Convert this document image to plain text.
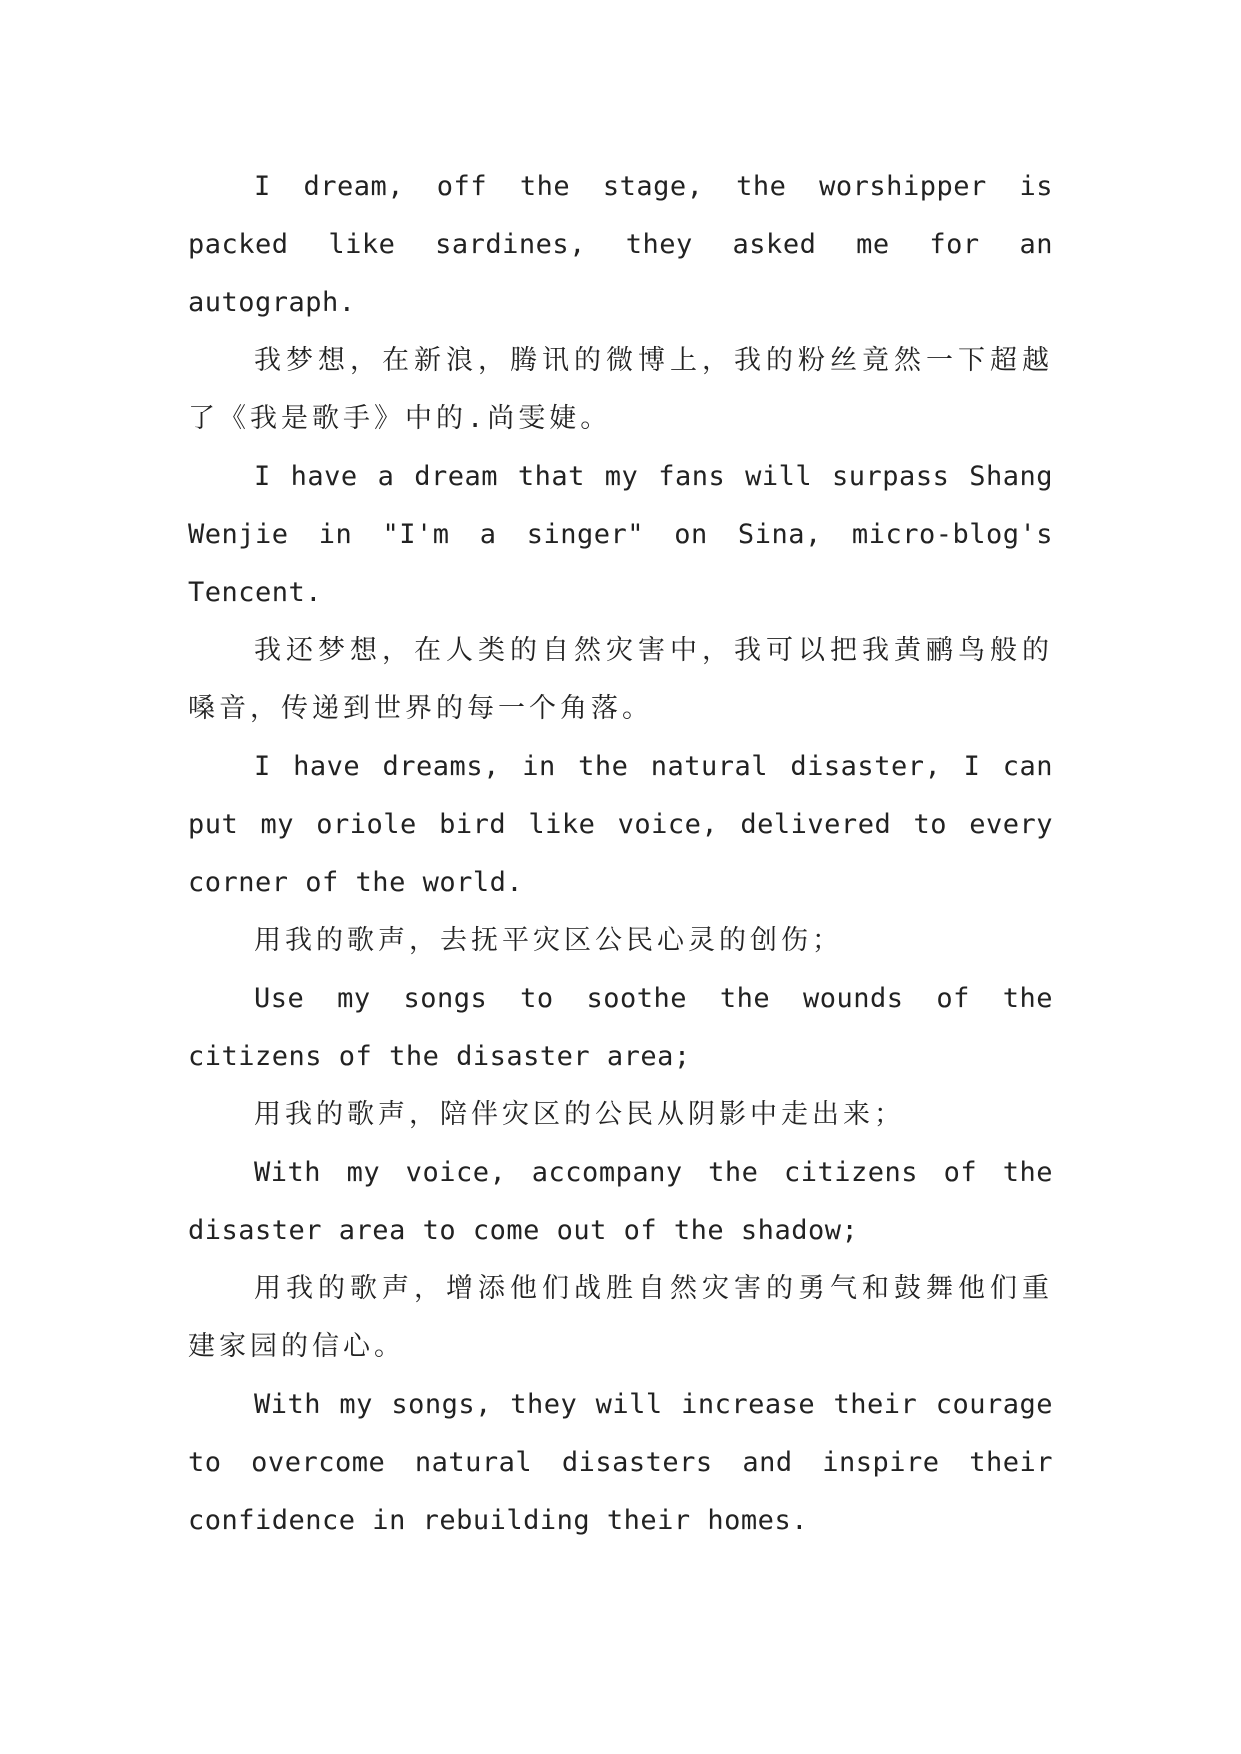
I dream, off the stage, the worshipper is packed like sardines, they asked me for an autograph.

我梦想，在新浪，腾讯的微博上，我的粉丝竟然一下超越了《我是歌手》中的.尚雯婕。

I have a dream that my fans will surpass Shang Wenjie in "I'm a singer" on Sina, micro-blog's Tencent.

我还梦想，在人类的自然灾害中，我可以把我黄鹂鸟般的嗓音，传递到世界的每一个角落。

I have dreams, in the natural disaster, I can put my oriole bird like voice, delivered to every corner of the world.

用我的歌声，去抚平灾区公民心灵的创伤；

Use my songs to soothe the wounds of the citizens of the disaster area;

用我的歌声，陪伴灾区的公民从阴影中走出来；

With my voice, accompany the citizens of the disaster area to come out of the shadow;

用我的歌声，增添他们战胜自然灾害的勇气和鼓舞他们重建家园的信心。

With my songs, they will increase their courage to overcome natural disasters and inspire their confidence in rebuilding their homes.
